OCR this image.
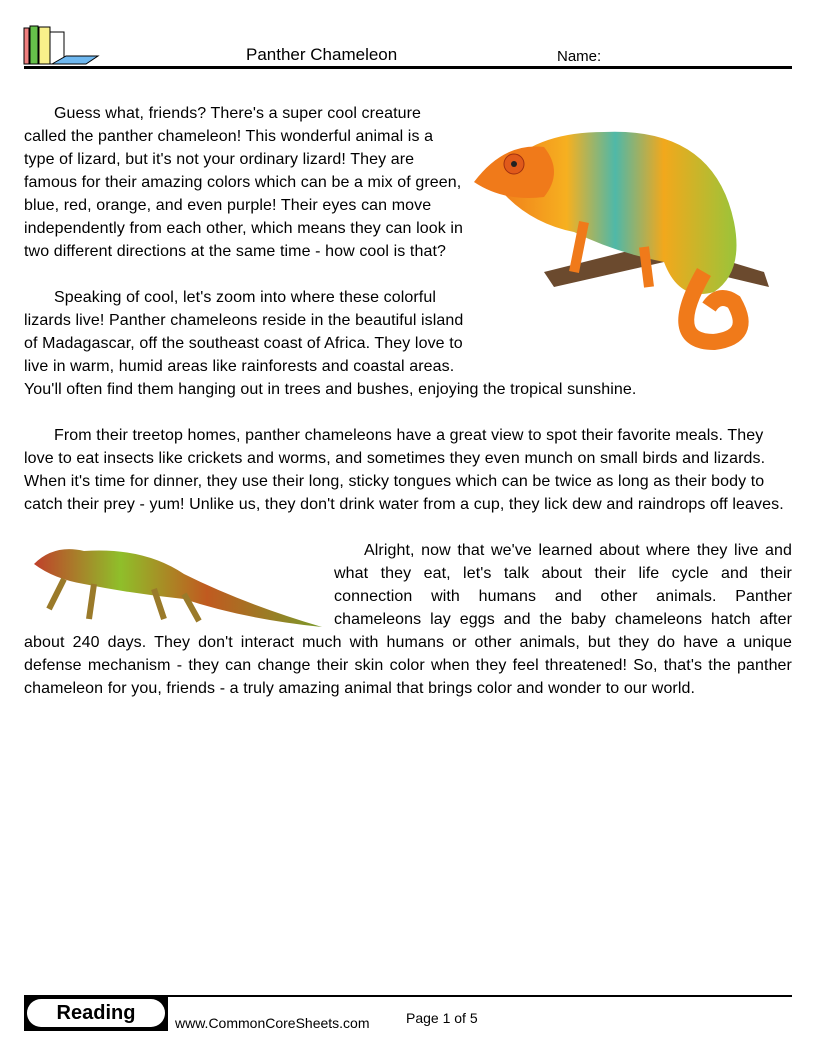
Panther Chameleon	Name:

Guess what, friends? There's a super cool creature called the panther chameleon! This wonderful animal is a type of lizard, but it's not your ordinary lizard! They are famous for their amazing colors which can be a mix of green, blue, red, orange, and even purple! Their eyes can move independently from each other, which means they can look in two different directions at the same time - how cool is that?

Speaking of cool, let's zoom into where these colorful lizards live! Panther chameleons reside in the beautiful island of Madagascar, off the southeast coast of Africa. They love to live in warm, humid areas like rainforests and coastal areas. You'll often find them hanging out in trees and bushes, enjoying the tropical sunshine.

From their treetop homes, panther chameleons have a great view to spot their favorite meals. They love to eat insects like crickets and worms, and sometimes they even munch on small birds and lizards. When it's time for dinner, they use their long, sticky tongues which can be twice as long as their body to catch their prey - yum! Unlike us, they don't drink water from a cup, they lick dew and raindrops off leaves.

Alright, now that we've learned about where they live and what they eat, let's talk about their life cycle and their connection with humans and other animals. Panther chameleons lay eggs and the baby chameleons hatch after about 240 days. They don't interact much with humans or other animals, but they do have a unique defense mechanism - they can change their skin color when they feel threatened! So, that's the panther chameleon for you, friends - a truly amazing animal that brings color and wonder to our world.

Reading	www.CommonCoreSheets.com	Page 1 of 5
